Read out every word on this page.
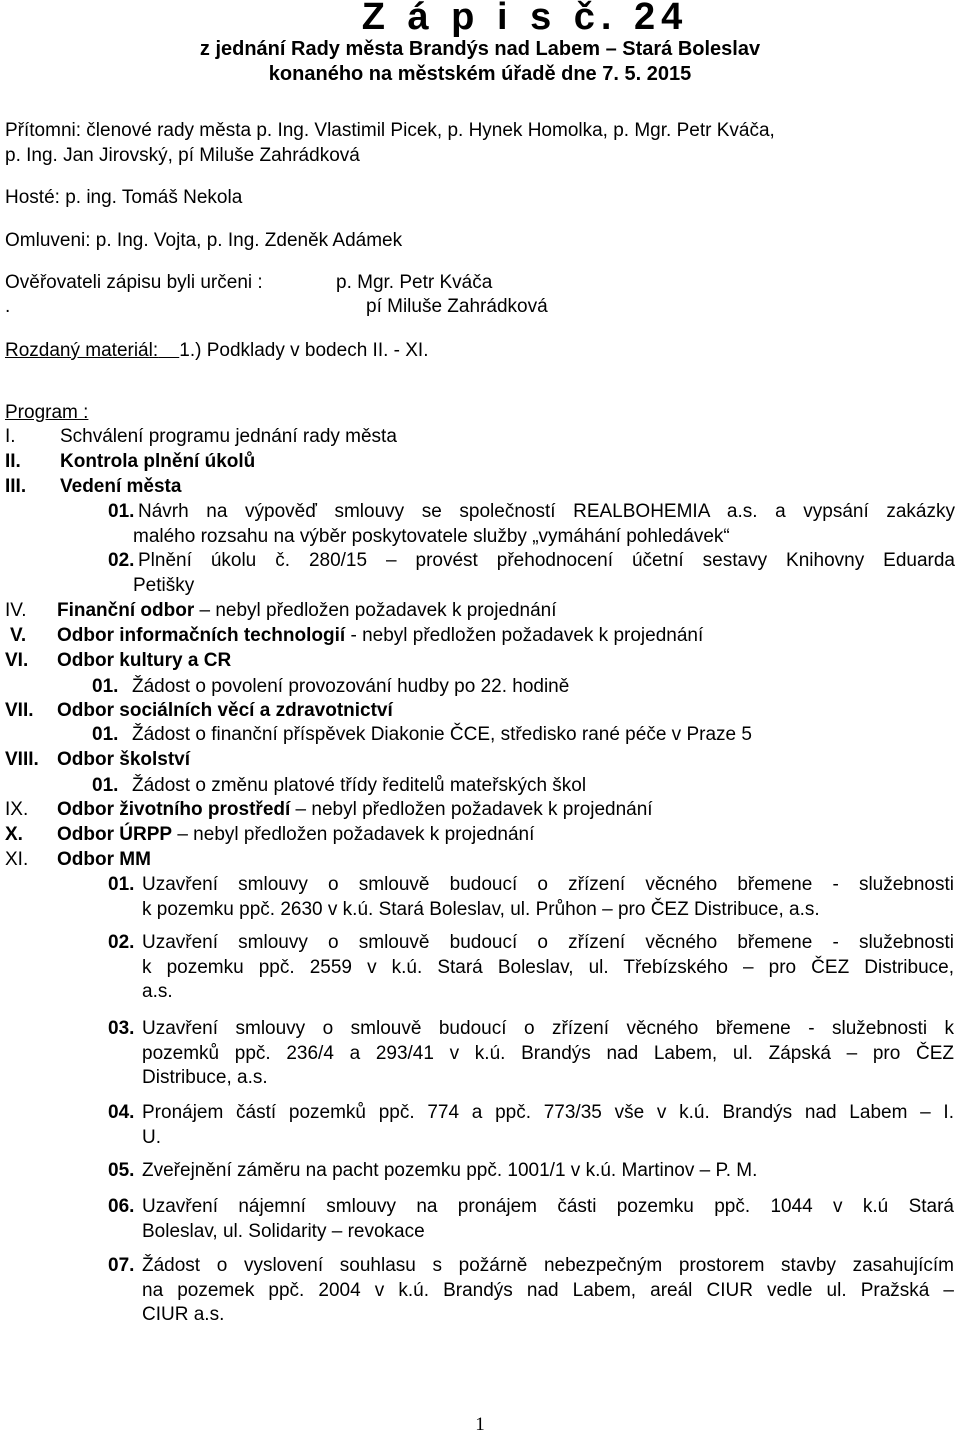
Z á p i s č. 24
z jednání Rady města Brandýs nad Labem – Stará Boleslav
konaného na městském úřadě dne 7. 5. 2015
Přítomni: členové rady města p. Ing. Vlastimil Picek, p. Hynek Homolka, p. Mgr. Petr Kváča,
p. Ing. Jan Jirovský, pí Miluše Zahrádková
Hosté: p. ing. Tomáš Nekola
Omluveni: p. Ing. Vojta, p. Ing. Zdeněk Adámek
Ověřovateli zápisu byli určeni :	p. Mgr. Petr Kváča
.	pí Miluše Zahrádková
Rozdaný materiál: 1.) Podklady v bodech II. - XI.
Program :
I. Schválení programu jednání rady města
II. Kontrola plnění úkolů
III. Vedení města
01. Návrh na výpověď smlouvy se společností REALBOHEMIA a.s. a vypsání zakázky
malého rozsahu na výběr poskytovatele služby „vymáhání pohledávek“
02. Plnění úkolu č. 280/15 – provést přehodnocení účetní sestavy Knihovny Eduarda
Petišky
IV. Finanční odbor – nebyl předložen požadavek k projednání
V. Odbor informačních technologií - nebyl předložen požadavek k projednání
VI. Odbor kultury a CR
01. Žádost o povolení provozování hudby po 22. hodině
VII. Odbor sociálních věcí a zdravotnictví
01. Žádost o finanční příspěvek Diakonie ČCE, středisko rané péče v Praze 5
VIII. Odbor školství
01. Žádost o změnu platové třídy ředitelů mateřských škol
IX. Odbor životního prostředí – nebyl předložen požadavek k projednání
X. Odbor ÚRPP – nebyl předložen požadavek k projednání
XI. Odbor MM
01. Uzavření smlouvy o smlouvě budoucí o zřízení věcného břemene - služebnosti
k pozemku ppč. 2630 v k.ú. Stará Boleslav, ul. Průhon – pro ČEZ Distribuce, a.s.
02. Uzavření smlouvy o smlouvě budoucí o zřízení věcného břemene - služebnosti
k pozemku ppč. 2559 v k.ú. Stará Boleslav, ul. Třebízského – pro ČEZ Distribuce,
a.s.
03. Uzavření smlouvy o smlouvě budoucí o zřízení věcného břemene - služebnosti k
pozemků ppč. 236/4 a 293/41 v k.ú. Brandýs nad Labem, ul. Zápská – pro ČEZ
Distribuce, a.s.
04. Pronájem částí pozemků ppč. 774 a ppč. 773/35 vše v k.ú. Brandýs nad Labem – I.
U.
05. Zveřejnění záměru na pacht pozemku ppč. 1001/1 v k.ú. Martinov – P. M.
06. Uzavření nájemní smlouvy na pronájem části pozemku ppč. 1044 v k.ú Stará
Boleslav, ul. Solidarity – revokace
07. Žádost o vyslovení souhlasu s požárně nebezpečným prostorem stavby zasahujícím
na pozemek ppč. 2004 v k.ú. Brandýs nad Labem, areál CIUR vedle ul. Pražská –
CIUR a.s.
1
